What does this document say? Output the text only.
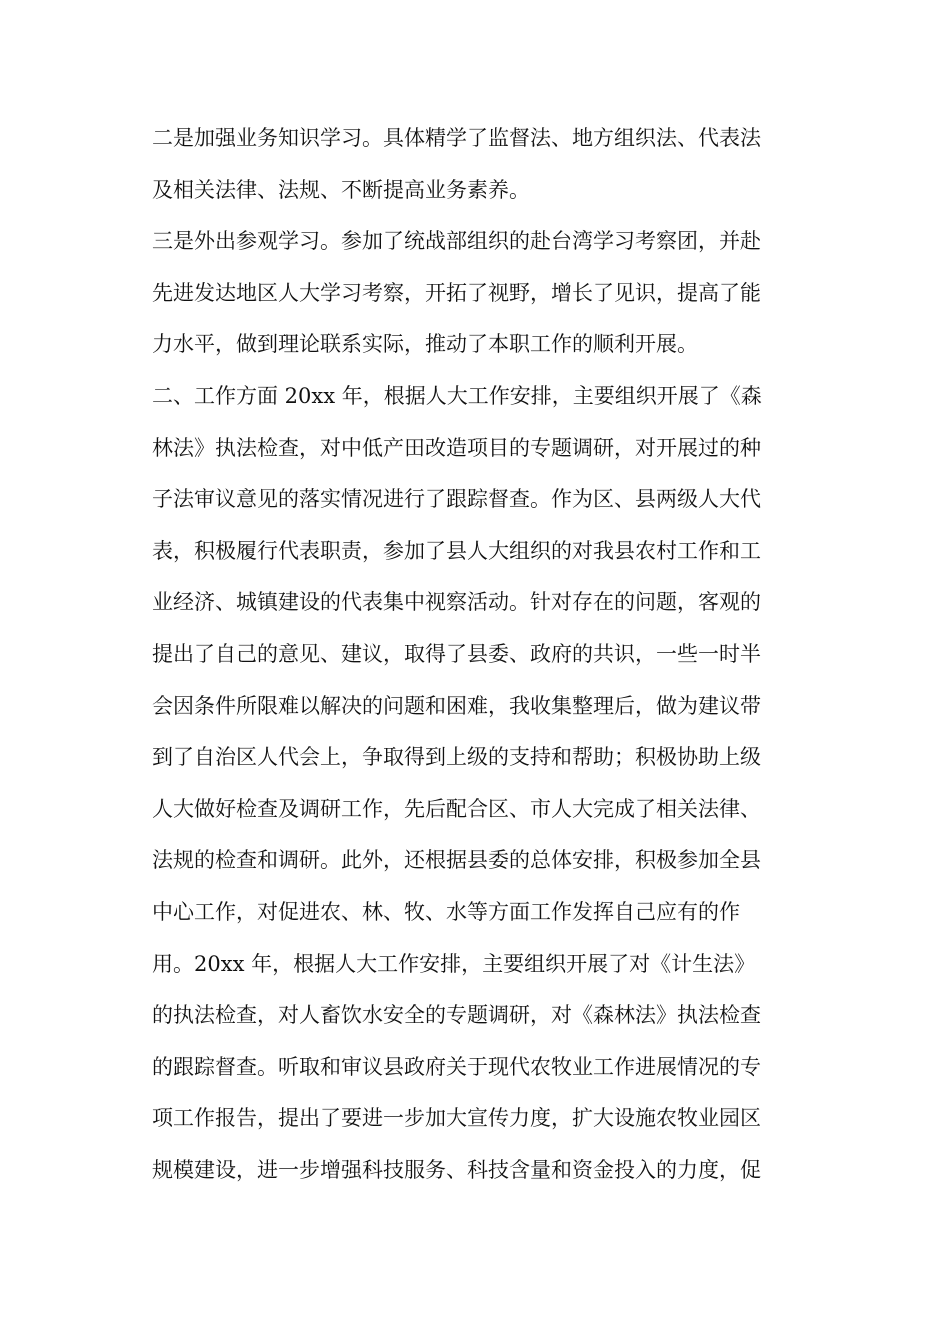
二是加强业务知识学习。具体精学了监督法、地方组织法、代表法
及相关法律、法规、不断提高业务素养。
三是外出参观学习。参加了统战部组织的赴台湾学习考察团，并赴
先进发达地区人大学习考察，开拓了视野，增长了见识，提高了能
力水平，做到理论联系实际，推动了本职工作的顺利开展。
二、工作方面 20xx 年，根据人大工作安排，主要组织开展了《森
林法》执法检查，对中低产田改造项目的专题调研，对开展过的种
子法审议意见的落实情况进行了跟踪督查。作为区、县两级人大代
表，积极履行代表职责，参加了县人大组织的对我县农村工作和工
业经济、城镇建设的代表集中视察活动。针对存在的问题，客观的
提出了自己的意见、建议，取得了县委、政府的共识，一些一时半
会因条件所限难以解决的问题和困难，我收集整理后，做为建议带
到了自治区人代会上，争取得到上级的支持和帮助；积极协助上级
人大做好检查及调研工作，先后配合区、市人大完成了相关法律、
法规的检查和调研。此外，还根据县委的总体安排，积极参加全县
中心工作，对促进农、林、牧、水等方面工作发挥自己应有的作
用。20xx 年，根据人大工作安排，主要组织开展了对《计生法》
的执法检查，对人畜饮水安全的专题调研，对《森林法》执法检查
的跟踪督查。听取和审议县政府关于现代农牧业工作进展情况的专
项工作报告，提出了要进一步加大宣传力度，扩大设施农牧业园区
规模建设，进一步增强科技服务、科技含量和资金投入的力度，促
